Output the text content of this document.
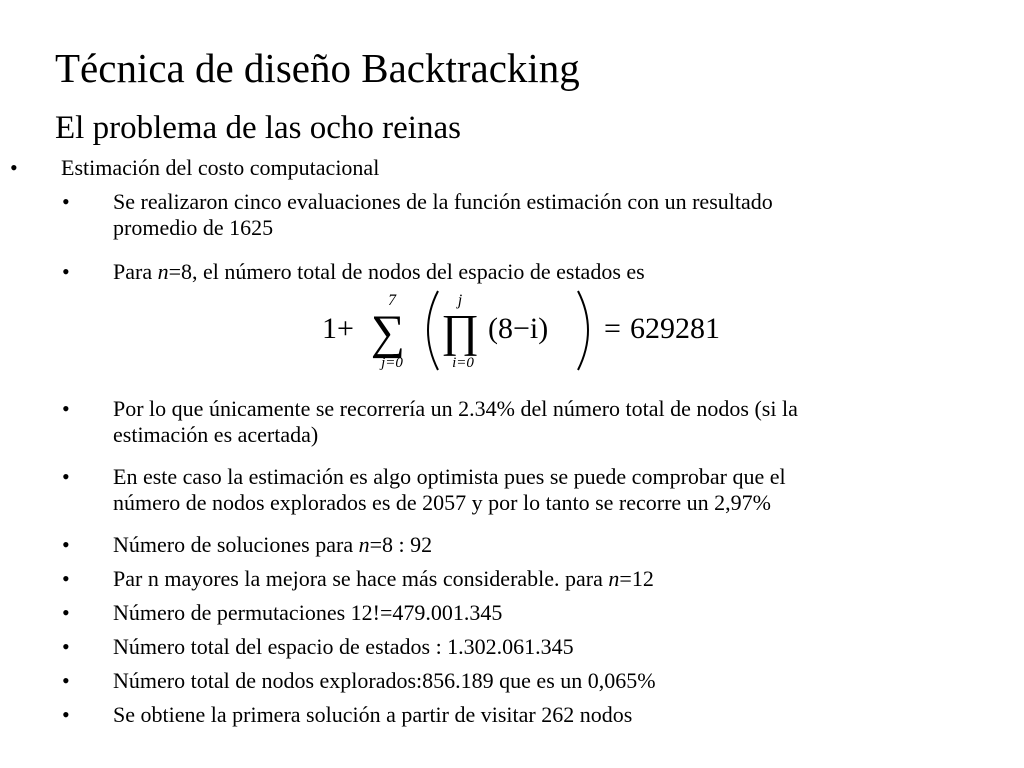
Técnica de diseño Backtracking
El problema de las ocho reinas
• Estimación del costo computacional
• Se realizaron cinco evaluaciones de la función estimación con un resultado
promedio de 1625
• Para n=8, el número total de nodos del espacio de estados es
1+
7
∑
j=0
j
∏
i=0
(8−i) = 629281
• Por lo que únicamente se recorrería un 2.34% del número total de nodos (si la
estimación es acertada)
• En este caso la estimación es algo optimista pues se puede comprobar que el
número de nodos explorados es de 2057 y por lo tanto se recorre un 2,97%
• Número de soluciones para n=8 : 92
• Par n mayores la mejora se hace más considerable. para n=12
• Número de permutaciones 12!=479.001.345
• Número total del espacio de estados : 1.302.061.345
• Número total de nodos explorados:856.189 que es un 0,065%
• Se obtiene la primera solución a partir de visitar 262 nodos
